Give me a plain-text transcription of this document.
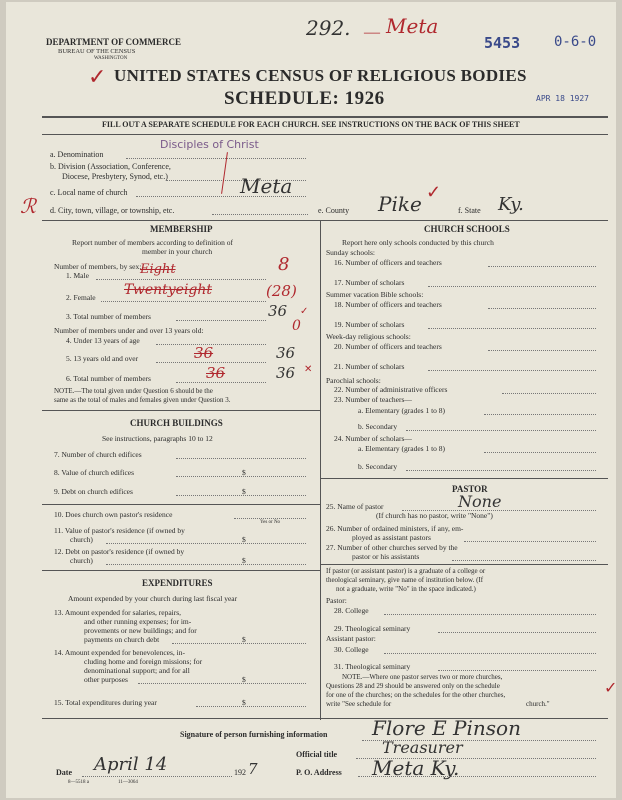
DEPARTMENT OF COMMERCE
BUREAU OF THE CENSUS
WASHINGTON
✓
292. — Meta
5453 0-6-0
APR 18 1927
UNITED STATES CENSUS OF RELIGIOUS BODIES
SCHEDULE: 1926
FILL OUT A SEPARATE SCHEDULE FOR EACH CHURCH. SEE INSTRUCTIONS ON THE BACK OF THIS SHEET
Disciples of Christ
a. Denomination
b. Division (Association, Conference,
Diocese, Presbytery, Synod, etc.)
c. Local name of church	Meta
d. City, town, village, or township, etc.	e. County Pike ✓
f. State Ky.
ℛ
MEMBERSHIP
Report number of members according to definition of
member in your church
Number of members, by sex:
1. Male	Eight	8
2. Female Twentyeight	(28)
3. Total number of members	36 ✓
Number of members under and over 13 years old:	0
4. Under 13 years of age
5. 13 years old and over	36	36
6. Total number of members	36	36 ✕
NOTE.—The total given under Question 6 should be the
same as the total of males and females given under Question 3.
CHURCH BUILDINGS
See instructions, paragraphs 10 to 12
7. Number of church edifices
8. Value of church edifices	$
9. Debt on church edifices	$
10. Does church own pastor's residence
Yes or No
11. Value of pastor's residence (if owned by
church)	$
12. Debt on pastor's residence (if owned by
church)	$
EXPENDITURES
Amount expended by your church during last fiscal year
13. Amount expended for salaries, repairs,
and other running expenses; for im-
provements or new buildings; and for
payments on church debt	$
14. Amount expended for benevolences, in-
cluding home and foreign missions; for
denominational support; and for all
other purposes	$
15. Total expenditures during year	$
CHURCH SCHOOLS
Report here only schools conducted by this church
Sunday schools:
16. Number of officers and teachers
17. Number of scholars
Summer vacation Bible schools:
18. Number of officers and teachers
19. Number of scholars
Week-day religious schools:
20. Number of officers and teachers
21. Number of scholars
Parochial schools:
22. Number of administrative officers
23. Number of teachers—
a. Elementary (grades 1 to 8)
b. Secondary
24. Number of scholars—
a. Elementary (grades 1 to 8)
b. Secondary
PASTOR
25. Name of pastor	None
(If church has no pastor, write "None")
26. Number of ordained ministers, if any, em-
ployed as assistant pastors
27. Number of other churches served by the
pastor or his assistants
If pastor (or assistant pastor) is a graduate of a college or
theological seminary, give name of institution below. (If
not a graduate, write "No" in the space indicated.)
Pastor:
28. College
29. Theological seminary
Assistant pastor:
30. College
31. Theological seminary
NOTE.—Where one pastor serves two or more churches,
Questions 28 and 29 should be answered only on the schedule
for one of the churches; on the schedules for the other churches,
write "See schedule for	church."
✓
Signature of person furnishing information Flore E Pinson
Official title	Treasurer
Date April 14	192 7	P. O. Address Meta Ky.
8—5518 a	11—3064
